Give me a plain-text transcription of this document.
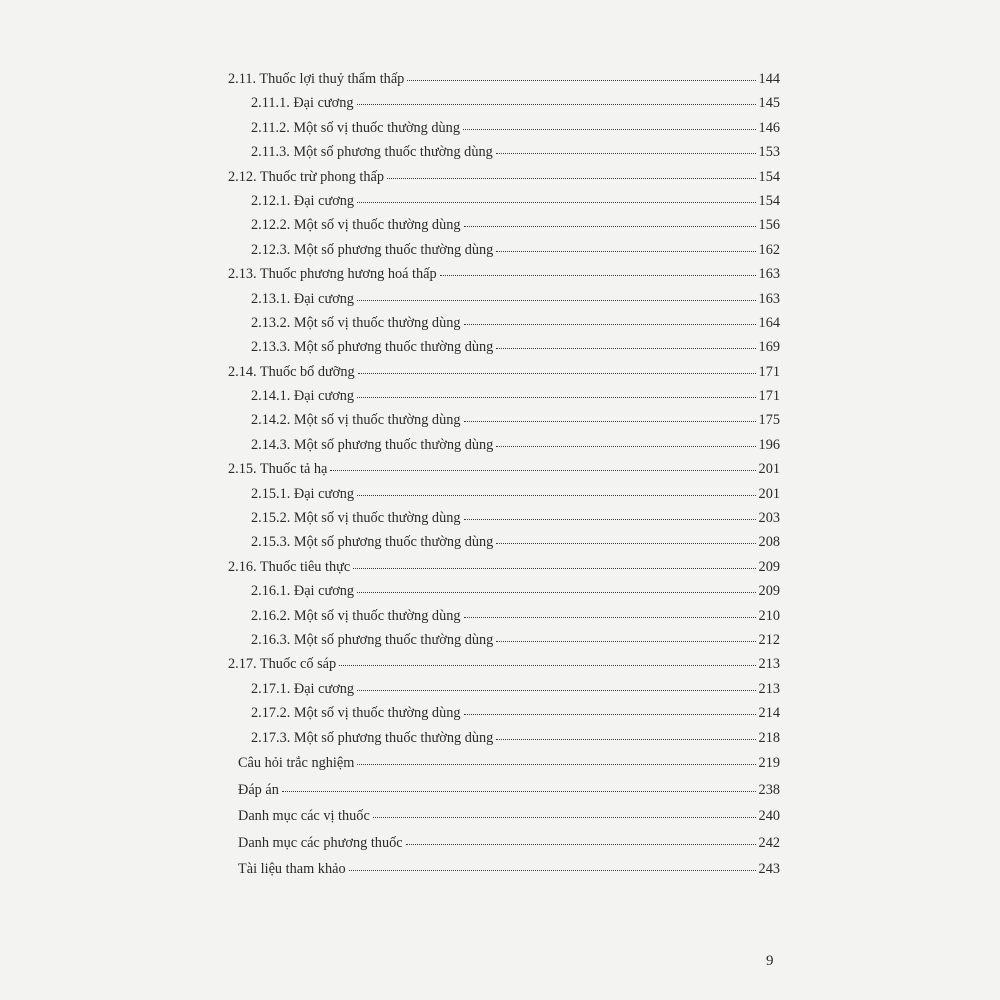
2.11. Thuốc lợi thuỷ thẩm thấp	144
2.11.1. Đại cương	145
2.11.2. Một số vị thuốc thường dùng	146
2.11.3. Một số phương thuốc thường dùng	153
2.12. Thuốc trừ phong thấp	154
2.12.1. Đại cương	154
2.12.2. Một số vị thuốc thường dùng	156
2.12.3. Một số phương thuốc thường dùng	162
2.13. Thuốc phương hương hoá thấp	163
2.13.1. Đại cương	163
2.13.2. Một số vị thuốc thường dùng	164
2.13.3. Một số phương thuốc thường dùng	169
2.14. Thuốc bổ dưỡng	171
2.14.1. Đại cương	171
2.14.2. Một số vị thuốc thường dùng	175
2.14.3. Một số phương thuốc thường dùng	196
2.15. Thuốc tả hạ	201
2.15.1. Đại cương	201
2.15.2. Một số vị thuốc thường dùng	203
2.15.3. Một số phương thuốc thường dùng	208
2.16. Thuốc tiêu thực	209
2.16.1. Đại cương	209
2.16.2. Một số vị thuốc thường dùng	210
2.16.3. Một số phương thuốc thường dùng	212
2.17. Thuốc cố sáp	213
2.17.1. Đại cương	213
2.17.2. Một số vị thuốc thường dùng	214
2.17.3. Một số phương thuốc thường dùng	218
Câu hỏi trắc nghiệm	219
Đáp án	238
Danh mục các vị thuốc	240
Danh mục các phương thuốc	242
Tài liệu tham khảo	243
9
